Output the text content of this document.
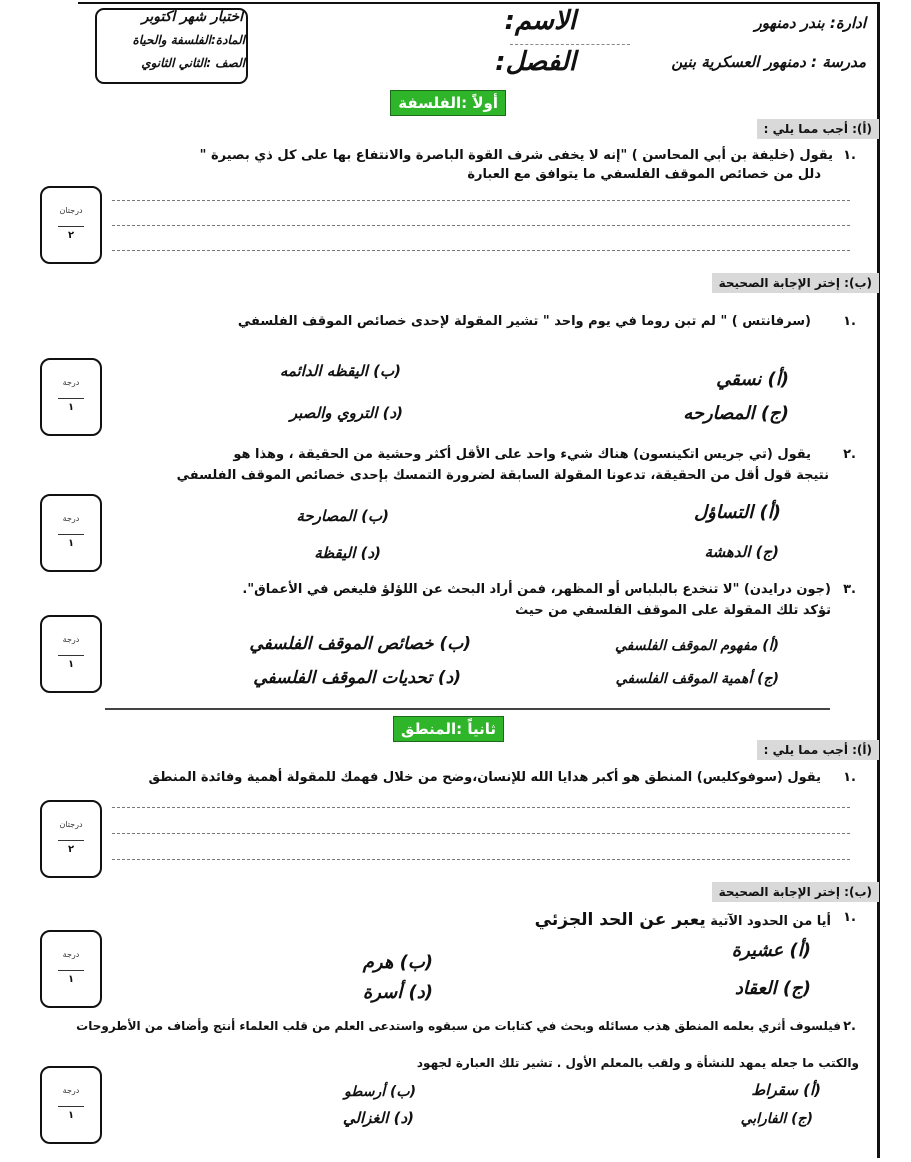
ادارة: بندر دمنهور
مدرسة : دمنهور العسكرية بنين
الاسم:
الفصل:
اختبار شهر اكتوبر
المادة:الفلسفة والحياة
الصف :الثاني الثانوي
أولاً :الفلسفة
(أ): أجب مما يلي :
١.
يقول (خليفة بن أبي المحاسن ) "إنه لا يخفى شرف القوة الباصرة والانتفاع بها على كل ذي بصيرة "
دلل من خصائص الموقف الفلسفي ما يتوافق مع العبارة
درجتان
٢
(ب): إختر الإجابة الصحيحة
١.
(سرفانتس ) " لم تبن روما في يوم واحد " تشير المقولة لإحدى خصائص الموقف الفلسفي
(أ) نسقي
(ب) اليقظه الدائمه
(ج) المصارحه
(د) التروي والصبر
درجة
١
٢.
يقول (تي جريس اتكينسون) هناك شيء واحد على الأقل أكثر وحشية من الحقيقة ، وهذا هو
نتيجة قول أقل من الحقيقة، تدعونا المقولة السابقة لضرورة التمسك بإحدى خصائص الموقف الفلسفي
(أ) التساؤل
(ب) المصارحة
(ج) الدهشة
(د) اليقظة
درجة
١
٣.
(جون درايدن) "لا تنخدع بالبلباس أو المظهر، فمن أراد البحث عن اللؤلؤ فليغص في الأعماق".
تؤكد تلك المقولة على الموقف الفلسفي من حيث
(أ) مفهوم الموقف الفلسفي
(ب) خصائص الموقف الفلسفي
(ج) أهمية الموقف الفلسفي
(د) تحديات الموقف الفلسفي
درجة
١
ثانياً :المنطق
(أ): أجب مما يلي :
١.
يقول (سوفوكليس) المنطق هو أكبر هدايا الله للإنسان،وضح من خلال فهمك للمقولة أهمية وفائدة المنطق
درجتان
٢
(ب): إختر الإجابة الصحيحة
١.
أيا من الحدود الآتية يعبر عن الحد الجزئي
(أ) عشيرة
(ب) هرم
(ج) العقاد
(د) أسرة
درجة
١
٢.
فيلسوف أثري بعلمه المنطق هذب مسائله وبحث في كتابات من سبقوه واستدعى العلم من قلب العلماء أنتج وأضاف من الأطروحات
والكتب ما جعله يمهد للنشأة و ولقب بالمعلم الأول . تشير تلك العبارة لجهود
(أ) سقراط
(ب) أرسطو
(ج) الفارابي
(د) الغزالي
درجة
١
